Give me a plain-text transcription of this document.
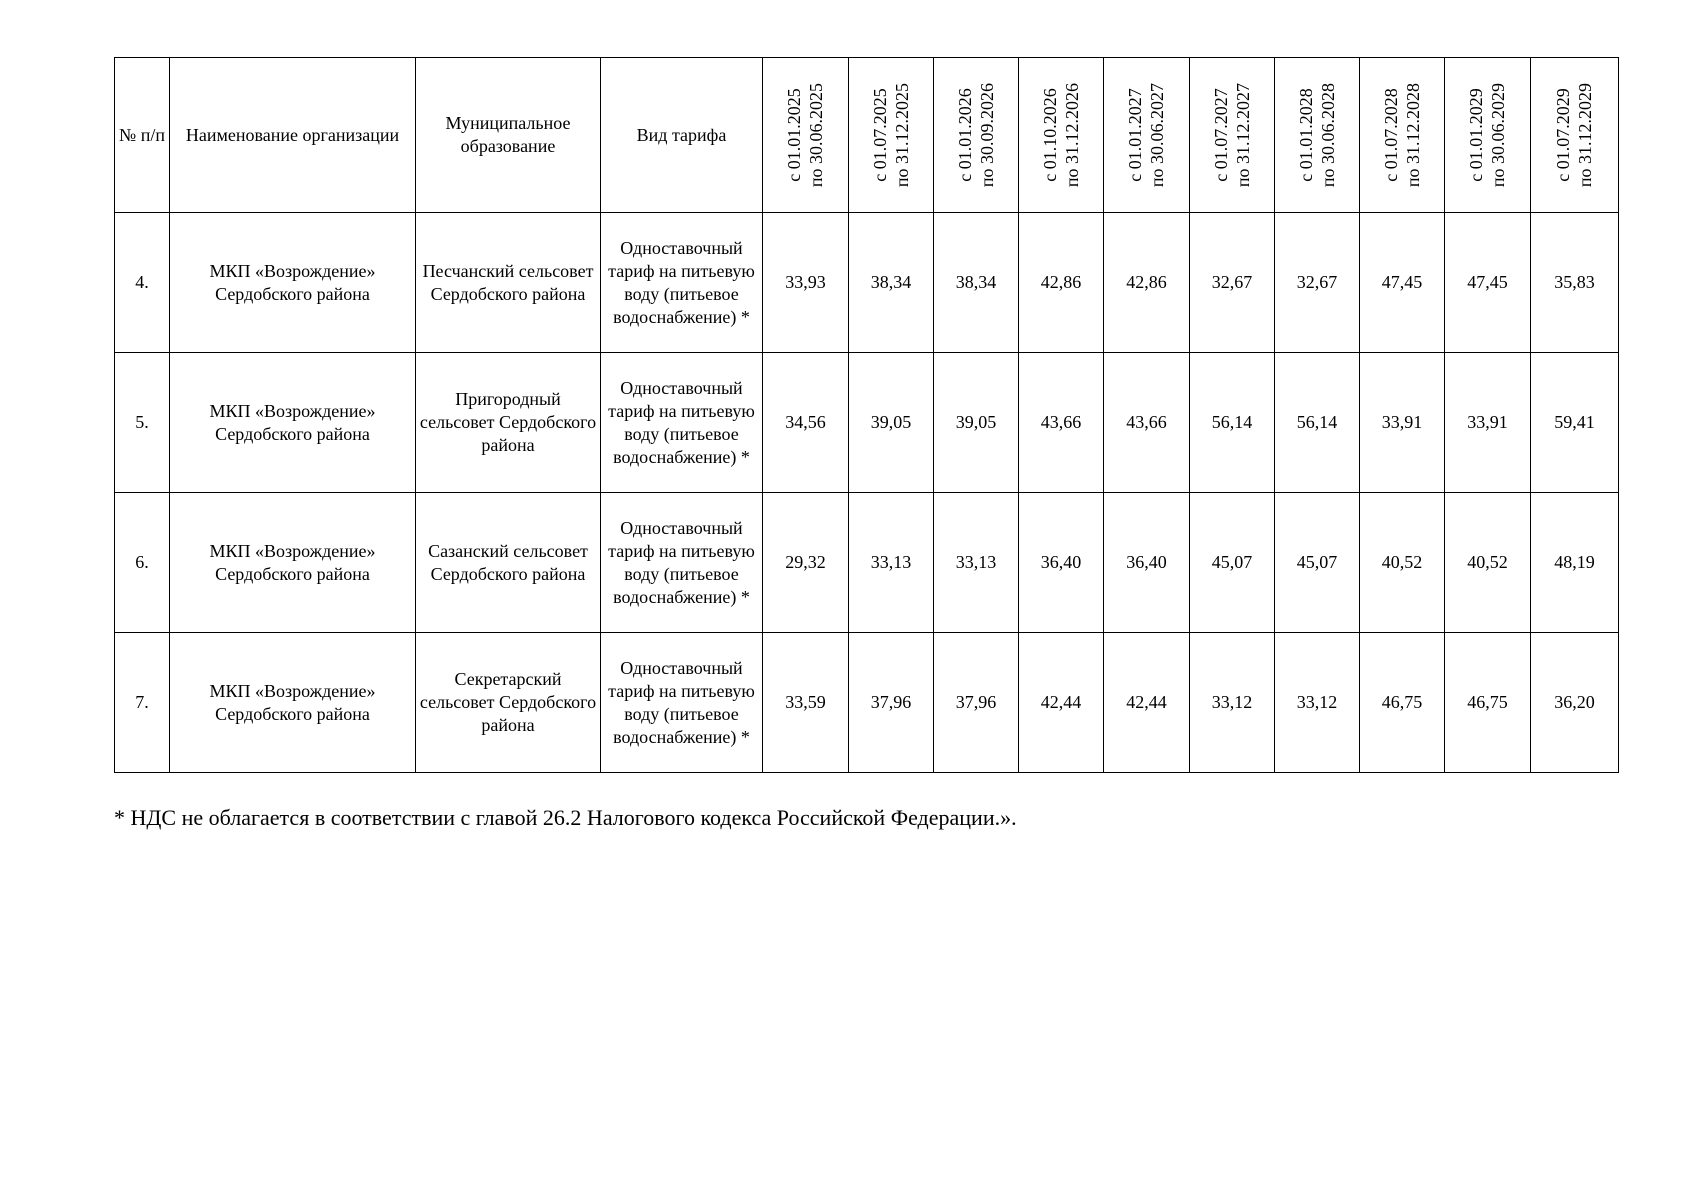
№ п/п	Наименование организации	Муниципальное образование	Вид тарифа	с 01.01.2025 по 30.06.2025	с 01.07.2025 по 31.12.2025	с 01.01.2026 по 30.09.2026	с 01.10.2026 по 31.12.2026	с 01.01.2027 по 30.06.2027	с 01.07.2027 по 31.12.2027	с 01.01.2028 по 30.06.2028	с 01.07.2028 по 31.12.2028	с 01.01.2029 по 30.06.2029	с 01.07.2029 по 31.12.2029

4.	МКП «Возрождение» Сердобского района	Песчанский сельсовет Сердобского района	Одноставочный тариф на питьевую воду (питьевое водоснабжение) *	33,93	38,34	38,34	42,86	42,86	32,67	32,67	47,45	47,45	35,83
5.	МКП «Возрождение» Сердобского района	Пригородный сельсовет Сердобского района	Одноставочный тариф на питьевую воду (питьевое водоснабжение) *	34,56	39,05	39,05	43,66	43,66	56,14	56,14	33,91	33,91	59,41
6.	МКП «Возрождение» Сердобского района	Сазанский сельсовет Сердобского района	Одноставочный тариф на питьевую воду (питьевое водоснабжение) *	29,32	33,13	33,13	36,40	36,40	45,07	45,07	40,52	40,52	48,19
7.	МКП «Возрождение» Сердобского района	Секретарский сельсовет Сердобского района	Одноставочный тариф на питьевую воду (питьевое водоснабжение) *	33,59	37,96	37,96	42,44	42,44	33,12	33,12	46,75	46,75	36,20
* НДС не облагается в соответствии с главой 26.2 Налогового кодекса Российской Федерации.».
